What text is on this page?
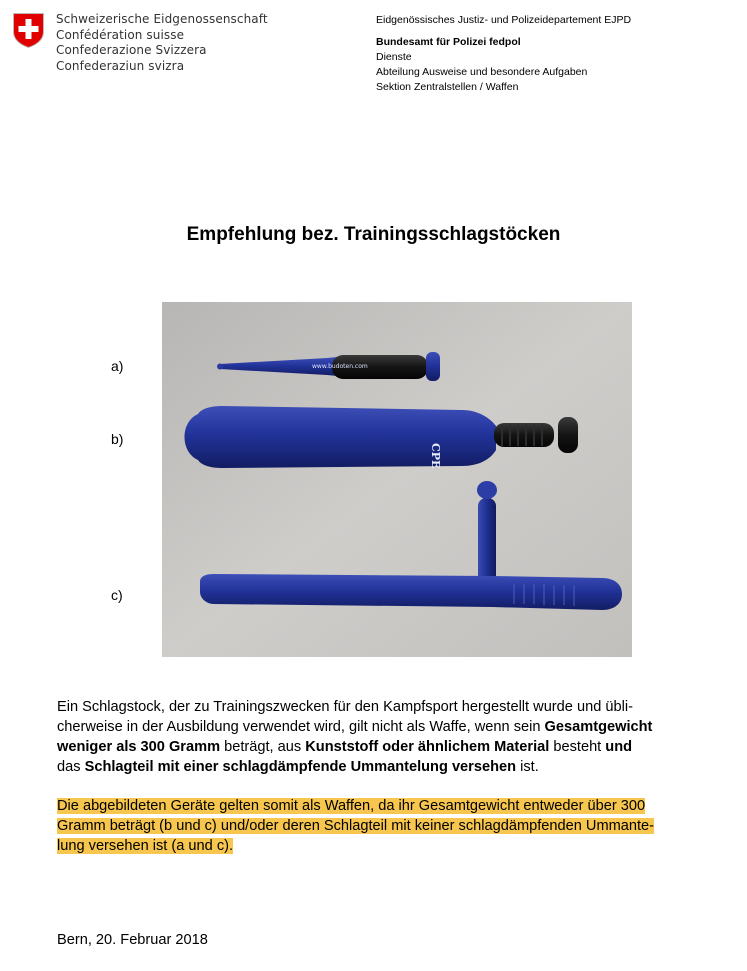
Schweizerische Eidgenossenschaft
Confédération suisse
Confederazione Svizzera
Confederaziun svizra
Eidgenössisches Justiz- und Polizeidepartement EJPD
Bundesamt für Polizei fedpol
Dienste
Abteilung Ausweise und besondere Aufgaben
Sektion Zentralstellen / Waffen
Empfehlung bez. Trainingsschlagstöcken
a)
b)
c)
www.budoten.com
CPE

Ein Schlagstock, der zu Trainingszwecken für den Kampfsport hergestellt wurde und übli-

cherweise in der Ausbildung verwendet wird, gilt nicht als Waffe, wenn sein Gesamtgewicht

weniger als 300 Gramm beträgt, aus Kunststoff oder ähnlichem Material besteht und

das Schlagteil mit einer schlagdämpfende Ummantelung versehen ist.

Die abgebildeten Geräte gelten somit als Waffen, da ihr Gesamtgewicht entweder über 300

Gramm beträgt (b und c) und/oder deren Schlagteil mit keiner schlagdämpfenden Ummante-

lung versehen ist (a und c).

Bern, 20. Februar 2018
